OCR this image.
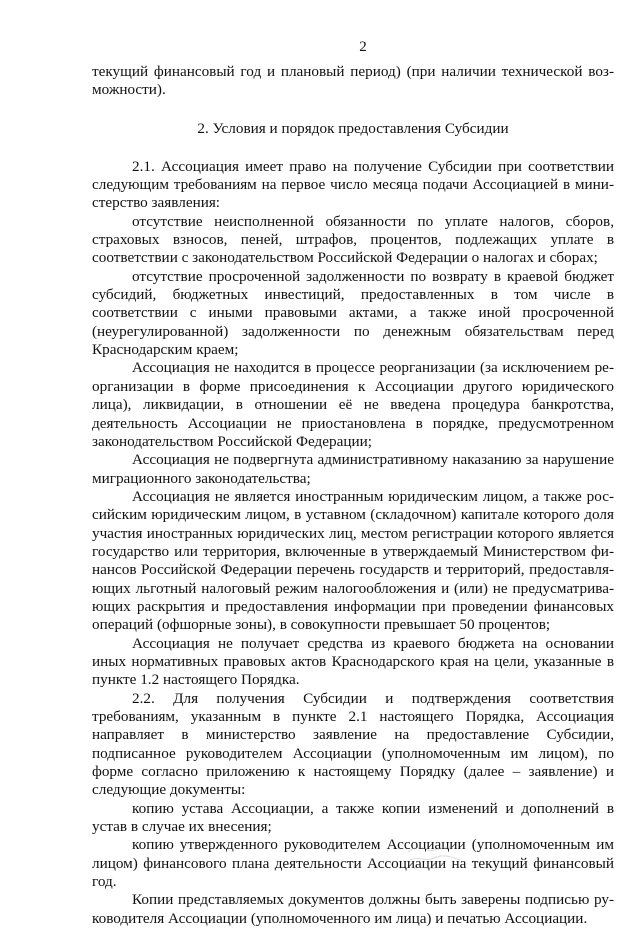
2

текущий финансовый год и плановый период) (при наличии технической возможности).

2. Условия и порядок предоставления Субсидии

2.1. Ассоциация имеет право на получение Субсидии при соответствии следующим требованиям на первое число месяца подачи Ассоциацией в министерство заявления:

отсутствие неисполненной обязанности по уплате налогов, сборов, страховых взносов, пеней, штрафов, процентов, подлежащих уплате в соответствии с законодательством Российской Федерации о налогах и сборах;

отсутствие просроченной задолженности по возврату в краевой бюджет субсидий, бюджетных инвестиций, предоставленных в том числе в соответствии с иными правовыми актами, а также иной просроченной (неурегулированной) задолженности по денежным обязательствам перед Краснодарским краем;

Ассоциация не находится в процессе реорганизации (за исключением реорганизации в форме присоединения к Ассоциации другого юридического лица), ликвидации, в отношении её не введена процедура банкротства, деятельность Ассоциации не приостановлена в порядке, предусмотренном законодательством Российской Федерации;

Ассоциация не подвергнута административному наказанию за нарушение миграционного законодательства;

Ассоциация не является иностранным юридическим лицом, а также российским юридическим лицом, в уставном (складочном) капитале которого доля участия иностранных юридических лиц, местом регистрации которого является государство или территория, включенные в утверждаемый Министерством финансов Российской Федерации перечень государств и территорий, предоставляющих льготный налоговый режим налогообложения и (или) не предусматривающих раскрытия и предоставления информации при проведении финансовых операций (офшорные зоны), в совокупности превышает 50 процентов;

Ассоциация не получает средства из краевого бюджета на основании иных нормативных правовых актов Краснодарского края на цели, указанные в пункте 1.2 настоящего Порядка.

2.2. Для получения Субсидии и подтверждения соответствия требованиям, указанным в пункте 2.1 настоящего Порядка, Ассоциация направляет в министерство заявление на предоставление Субсидии, подписанное руководителем Ассоциации (уполномоченным им лицом), по форме согласно приложению к настоящему Порядку (далее – заявление) и следующие документы:

копию устава Ассоциации, а также копии изменений и дополнений в устав в случае их внесения;

копию утвержденного руководителем Ассоциации (уполномоченным им лицом) финансового плана деятельности Ассоциации на текущий финансовый год.

Копии представляемых документов должны быть заверены подписью руководителя Ассоциации (уполномоченного им лица) и печатью Ассоциации.
